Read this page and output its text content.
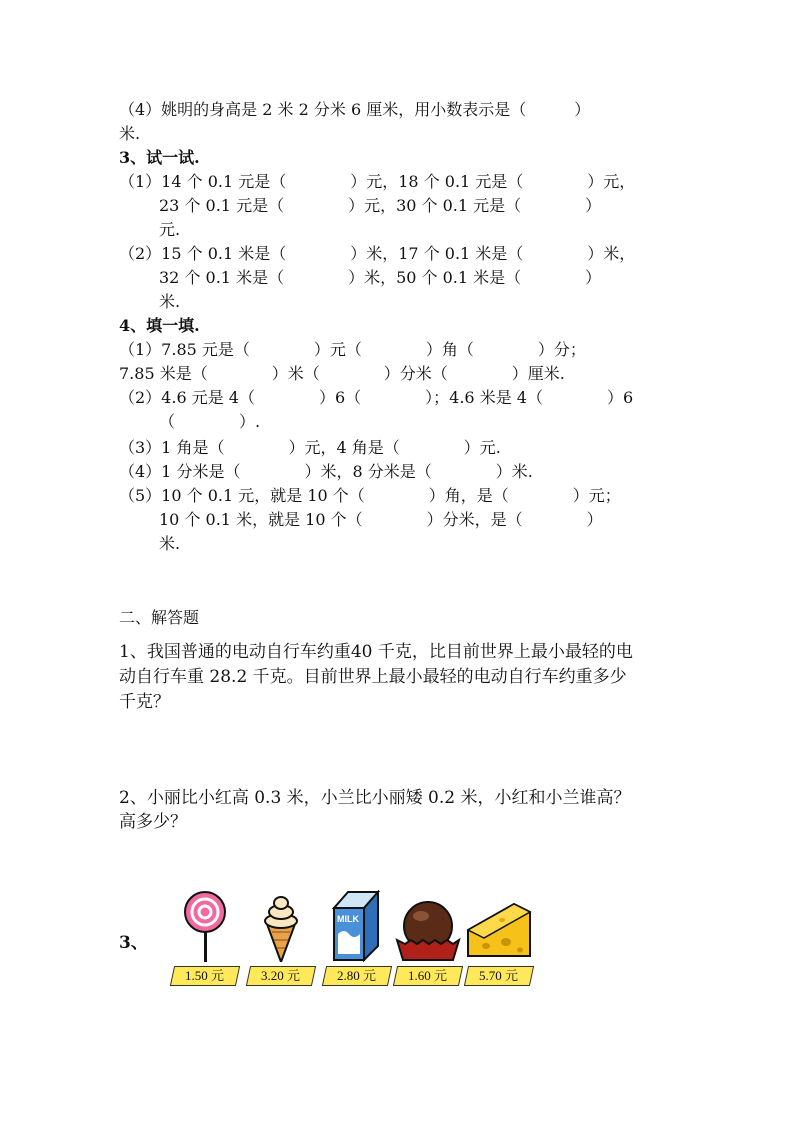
（4）姚明的身高是 2 米 2 分米 6 厘米，用小数表示是（　　　）
米.
3、试一试.
（1）14 个 0.1 元是（　　　　）元，18 个 0.1 元是（　　　　）元，
23 个 0.1 元是（　　　　）元，30 个 0.1 元是（　　　　）
元.
（2）15 个 0.1 米是（　　　　）米，17 个 0.1 米是（　　　　）米，
32 个 0.1 米是（　　　　）米，50 个 0.1 米是（　　　　）
米.
4、填一填.
（1）7.85 元是（　　　　）元（　　　　）角（　　　　）分；
7.85 米是（　　　　）米（　　　　）分米（　　　　）厘米.
（2）4.6 元是 4（　　　　）6（　　　　）；4.6 米是 4（　　　　）6
（　　　　）.
（3）1 角是（　　　　）元，4 角是（　　　　）元.
（4）1 分米是（　　　　）米，8 分米是（　　　　）米.
（5）10 个 0.1 元，就是 10 个（　　　　）角，是（　　　　）元；
10 个 0.1 米，就是 10 个（　　　　）分米，是（　　　　）
米.
二、解答题
1、我国普通的电动自行车约重40 千克，比目前世界上最小最轻的电
动自行车重 28.2 千克。目前世界上最小最轻的电动自行车约重多少
千克？
2、小丽比小红高 0.3 米，小兰比小丽矮 0.2 米，小红和小兰谁高？
高多少？
3、
1.50 元	3.20 元
MILK
2.80 元	1.60 元	5.70 元
